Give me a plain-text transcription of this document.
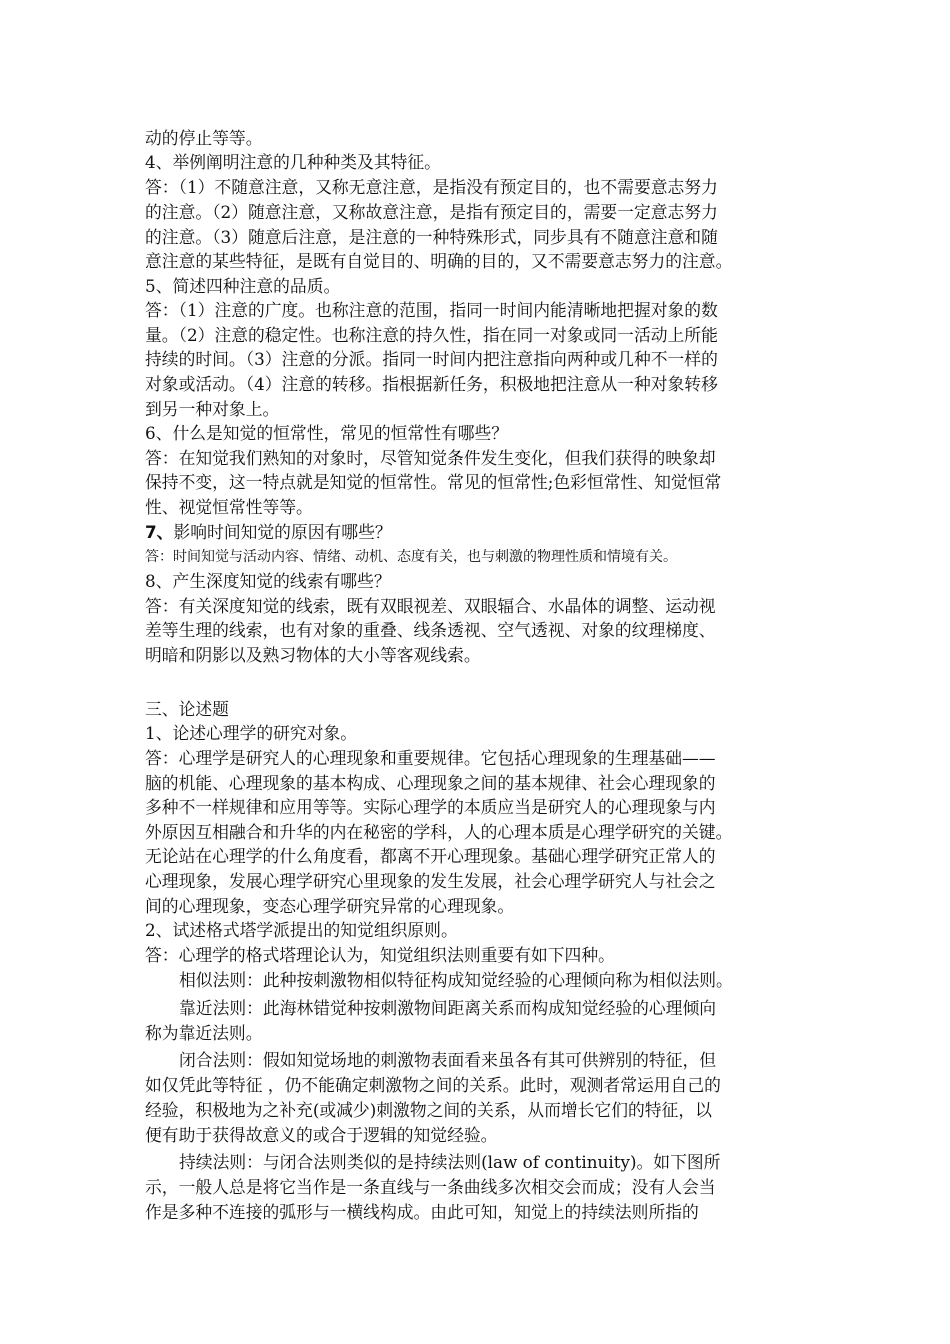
动的停止等等。
4、举例阐明注意的几种种类及其特征。
答：（1）不随意注意，又称无意注意，是指没有预定目的，也不需要意志努力
的注意。（2）随意注意，又称故意注意，是指有预定目的，需要一定意志努力
的注意。（3）随意后注意，是注意的一种特殊形式，同步具有不随意注意和随
意注意的某些特征，是既有自觉目的、明确的目的，又不需要意志努力的注意。
5、简述四种注意的品质。
答：（1）注意的广度。也称注意的范围，指同一时间内能清晰地把握对象的数
量。（2）注意的稳定性。也称注意的持久性，指在同一对象或同一活动上所能
持续的时间。（3）注意的分派。指同一时间内把注意指向两种或几种不一样的
对象或活动。（4）注意的转移。指根据新任务，积极地把注意从一种对象转移
到另一种对象上。
6、什么是知觉的恒常性，常见的恒常性有哪些？
答：在知觉我们熟知的对象时，尽管知觉条件发生变化，但我们获得的映象却
保持不变，这一特点就是知觉的恒常性。常见的恒常性;色彩恒常性、知觉恒常
性、视觉恒常性等等。
7、影响时间知觉的原因有哪些？
答：时间知觉与活动内容、情绪、动机、态度有关，也与刺激的物理性质和情境有关。
8、产生深度知觉的线索有哪些？
答：有关深度知觉的线索，既有双眼视差、双眼辐合、水晶体的调整、运动视
差等生理的线索，也有对象的重叠、线条透视、空气透视、对象的纹理梯度、
明暗和阴影以及熟习物体的大小等客观线索。
三、论述题
1、论述心理学的研究对象。
答：心理学是研究人的心理现象和重要规律。它包括心理现象的生理基础——
脑的机能、心理现象的基本构成、心理现象之间的基本规律、社会心理现象的
多种不一样规律和应用等等。实际心理学的本质应当是研究人的心理现象与内
外原因互相融合和升华的内在秘密的学科，人的心理本质是心理学研究的关键。
无论站在心理学的什么角度看，都离不开心理现象。基础心理学研究正常人的
心理现象，发展心理学研究心里现象的发生发展，社会心理学研究人与社会之
间的心理现象，变态心理学研究异常的心理现象。
2、试述格式塔学派提出的知觉组织原则。
答：心理学的格式塔理论认为，知觉组织法则重要有如下四种。
相似法则：此种按刺激物相似特征构成知觉经验的心理倾向称为相似法则。
靠近法则：此海林错觉种按刺激物间距离关系而构成知觉经验的心理倾向
称为靠近法则。
闭合法则：假如知觉场地的刺激物表面看来虽各有其可供辨别的特征，但
如仅凭此等特征 ，仍不能确定刺激物之间的关系。此时，观测者常运用自己的
经验，积极地为之补充(或减少)刺激物之间的关系，从而增长它们的特征，以
便有助于获得故意义的或合于逻辑的知觉经验。
持续法则：与闭合法则类似的是持续法则(law of continuity)。如下图所
示，一般人总是将它当作是一条直线与一条曲线多次相交会而成；没有人会当
作是多种不连接的弧形与一横线构成。由此可知，知觉上的持续法则所指的
